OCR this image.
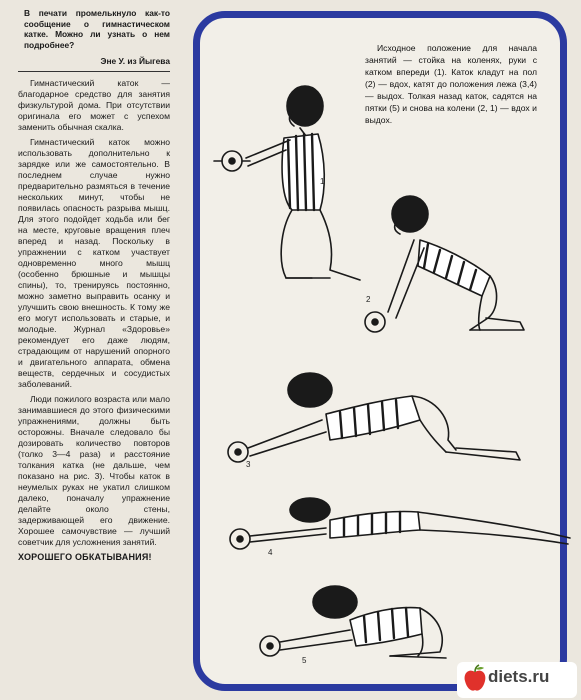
В печати промелькнуло как-то сообщение о гимнастическом катке. Можно ли узнать о нем подробнее?
Эне У. из Йыгева

Гимнастический каток — благодарное средство для занятия физкультурой дома. При отсутствии оригинала его может с успехом заменить обычная скалка.

Гимнастический каток можно использовать дополнительно к зарядке или же самостоятельно. В последнем случае нужно предварительно размяться в течение нескольких минут, чтобы не появилась опасность разрыва мышц. Для этого подойдет ходьба или бег на месте, круговые вращения плеч вперед и назад. Поскольку в упражнении с катком участвует одновременно много мышц (особенно брюшные и мышцы спины), то, тренируясь постоянно, можно заметно выправить осанку и улучшить свою внешность. К тому же его могут использовать и старые, и молодые. Журнал «Здоровье» рекомендует его даже людям, страдающим от нарушений опорного и двигательного аппарата, обмена веществ, сердечных и сосудистых заболеваний.

Люди пожилого возраста или мало занимавшиеся до этого физическими упражнениями, должны быть осторожны. Вначале следовало бы дозировать количество повторов (толко 3—4 раза) и расстояние толкания катка (не дальше, чем показано на рис. 3). Чтобы каток в неумелых руках не укатил слишком далеко, поначалу упражнение делайте около стены, задерживающей его движение. Хорошее самочувствие — лучший советчик для усложнения занятий.

ХОРОШЕГО ОБКАТЫВАНИЯ!
Исходное положение для начала занятий — стойка на коленях, руки с катком впереди (1). Каток кладут на пол (2) — вдох, катят до положения лежа (3,4) — выдох. Толкая назад каток, садятся на пятки (5) и снова на колени (2, 1) — вдох и выдох.
1
2
3
4
5
diets.ru
